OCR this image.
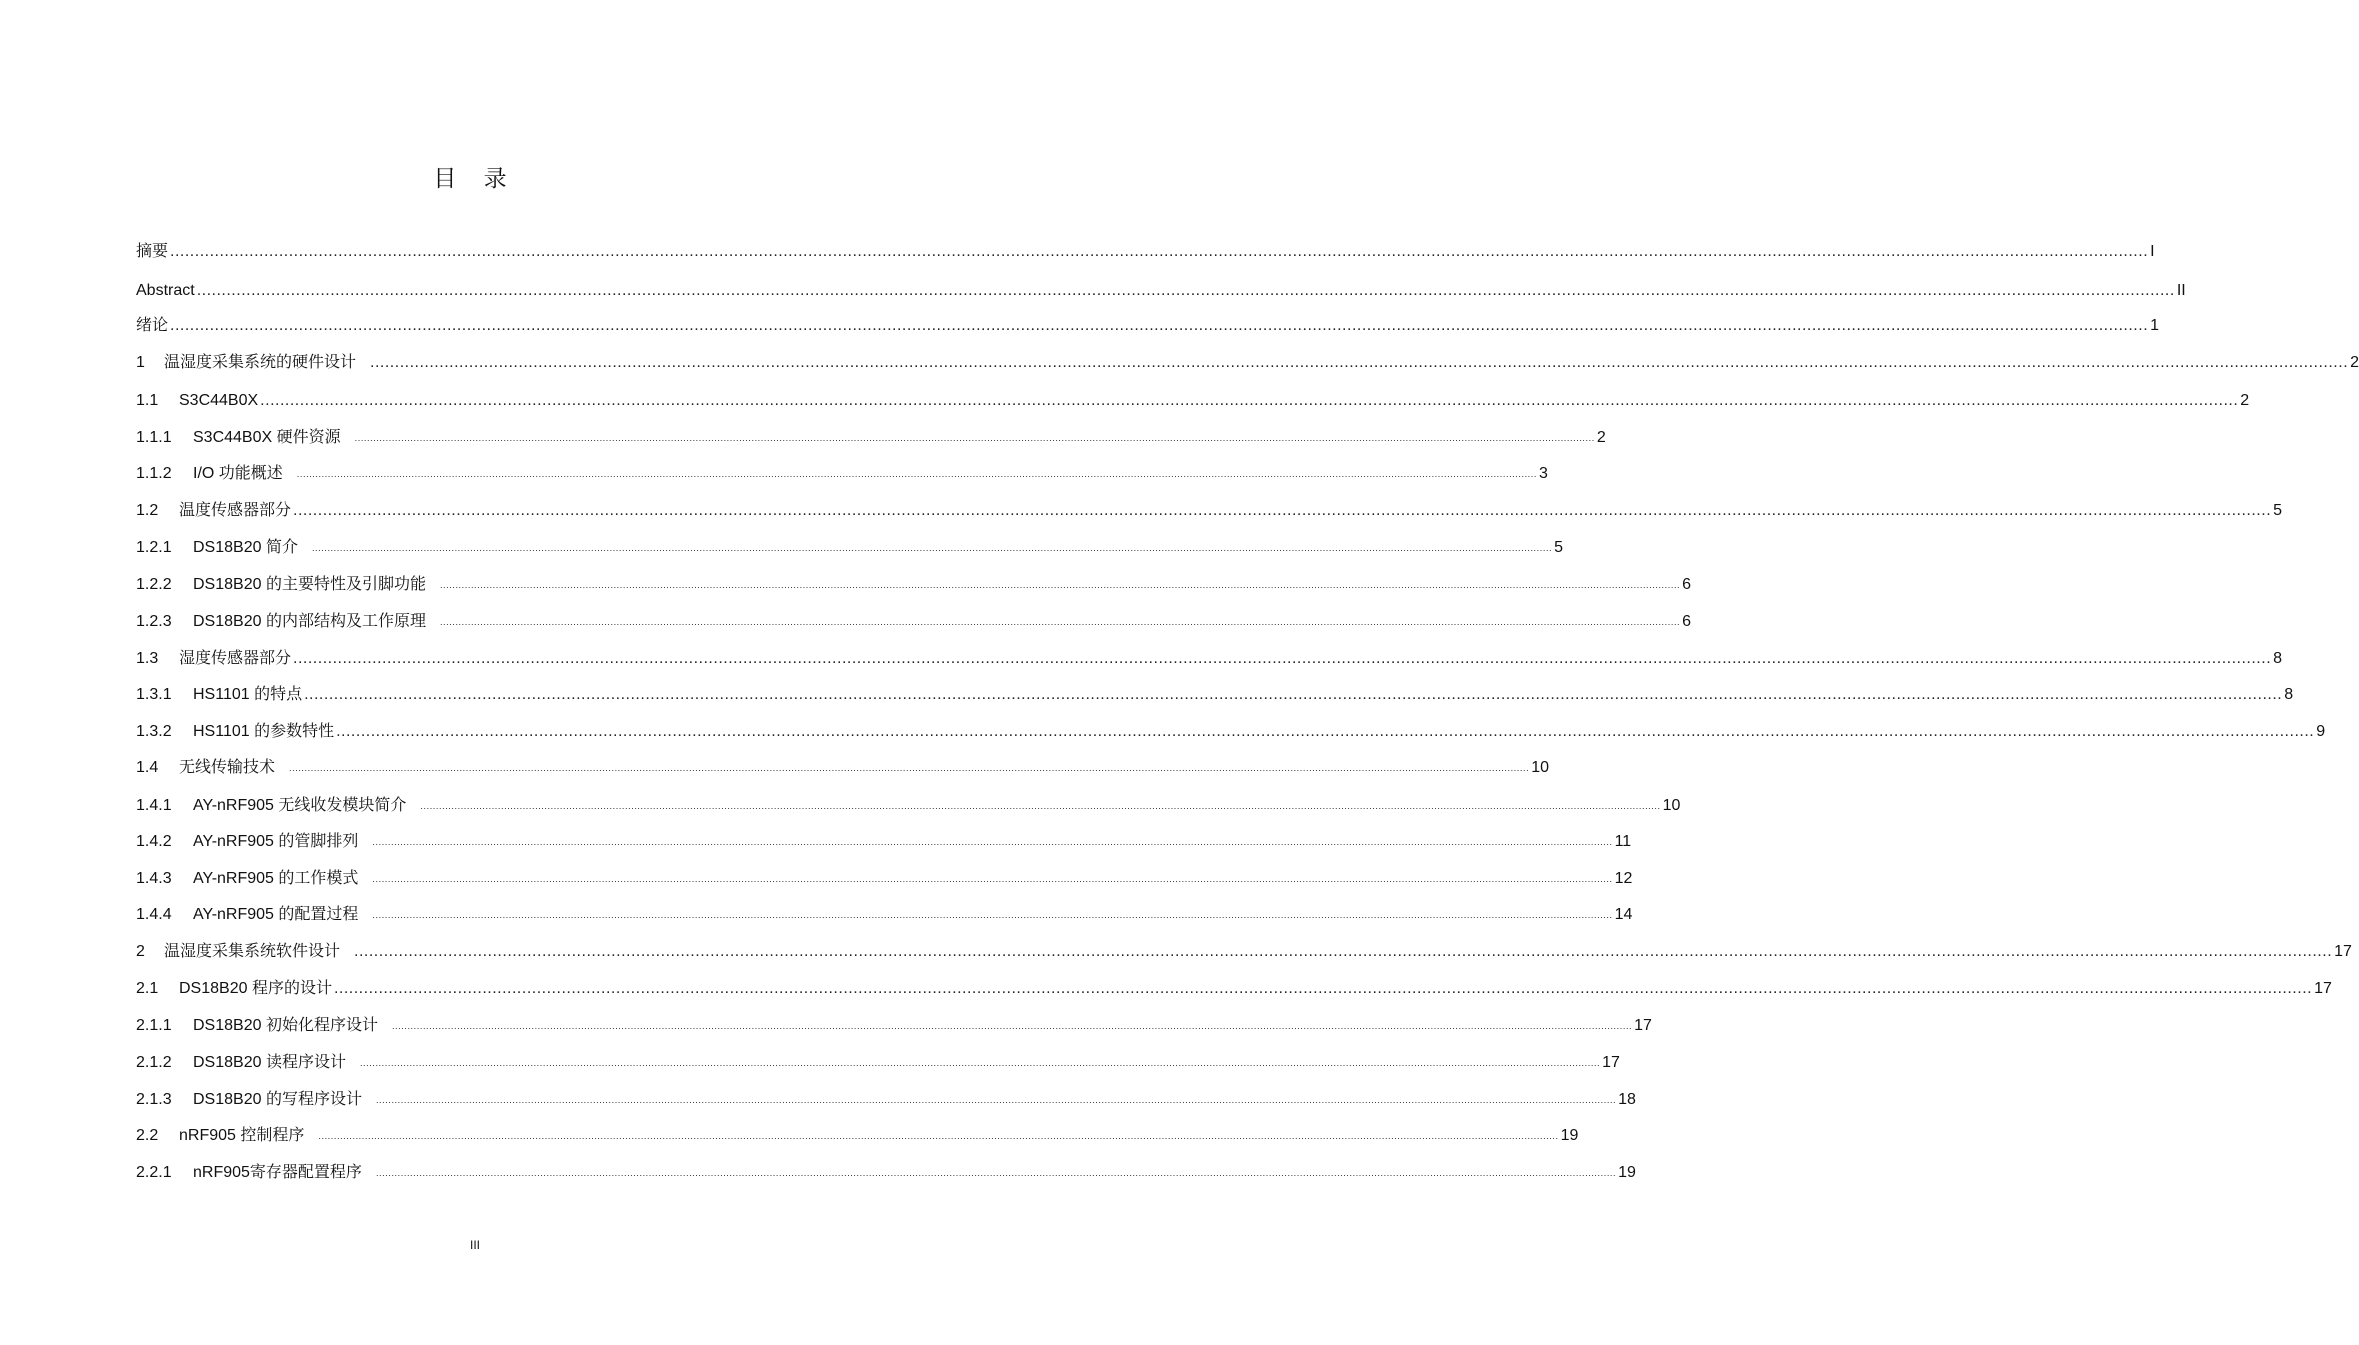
目 录
摘要 ................................................................................................................................................................................................................................................................................................................................................................................................................ I
Abstract ................................................................................................................................................................................................................................................................................................................................................................................................................ II
绪论 ................................................................................................................................................................................................................................................................................................................................................................................................................ 1
1 温湿度采集系统的硬件设计 ................................................................................................................................................................................................................................................................................................................................................................................................................ 2
1.1 S3C44B0X ................................................................................................................................................................................................................................................................................................................................................................................................................ 2
1.1.1 S3C44B0X 硬件资源 ................................................................................................................................................................................................................................................................................................................................................................................................................ 2
1.1.2 I/O 功能概述 ................................................................................................................................................................................................................................................................................................................................................................................................................ 3
1.2 温度传感器部分 ................................................................................................................................................................................................................................................................................................................................................................................................................ 5
1.2.1 DS18B20 简介 ................................................................................................................................................................................................................................................................................................................................................................................................................ 5
1.2.2 DS18B20 的主要特性及引脚功能 ................................................................................................................................................................................................................................................................................................................................................................................................................ 6
1.2.3 DS18B20 的内部结构及工作原理 ................................................................................................................................................................................................................................................................................................................................................................................................................ 6
1.3 湿度传感器部分 ................................................................................................................................................................................................................................................................................................................................................................................................................ 8
1.3.1 HS1101 的特点 ................................................................................................................................................................................................................................................................................................................................................................................................................ 8
1.3.2 HS1101 的参数特性 ................................................................................................................................................................................................................................................................................................................................................................................................................ 9
1.4 无线传输技术 ................................................................................................................................................................................................................................................................................................................................................................................................................ 10
1.4.1 AY-nRF905 无线收发模块简介 ................................................................................................................................................................................................................................................................................................................................................................................................................ 10
1.4.2 AY-nRF905 的管脚排列 ................................................................................................................................................................................................................................................................................................................................................................................................................ 11
1.4.3 AY-nRF905 的工作模式 ................................................................................................................................................................................................................................................................................................................................................................................................................ 12
1.4.4 AY-nRF905 的配置过程 ................................................................................................................................................................................................................................................................................................................................................................................................................ 14
2 温湿度采集系统软件设计 ................................................................................................................................................................................................................................................................................................................................................................................................................ 17
2.1 DS18B20 程序的设计 ................................................................................................................................................................................................................................................................................................................................................................................................................ 17
2.1.1 DS18B20 初始化程序设计 ................................................................................................................................................................................................................................................................................................................................................................................................................ 17
2.1.2 DS18B20 读程序设计 ................................................................................................................................................................................................................................................................................................................................................................................................................ 17
2.1.3 DS18B20 的写程序设计 ................................................................................................................................................................................................................................................................................................................................................................................................................ 18
2.2 nRF905 控制程序 ................................................................................................................................................................................................................................................................................................................................................................................................................ 19
2.2.1 nRF905寄存器配置程序 ................................................................................................................................................................................................................................................................................................................................................................................................................ 19
III
